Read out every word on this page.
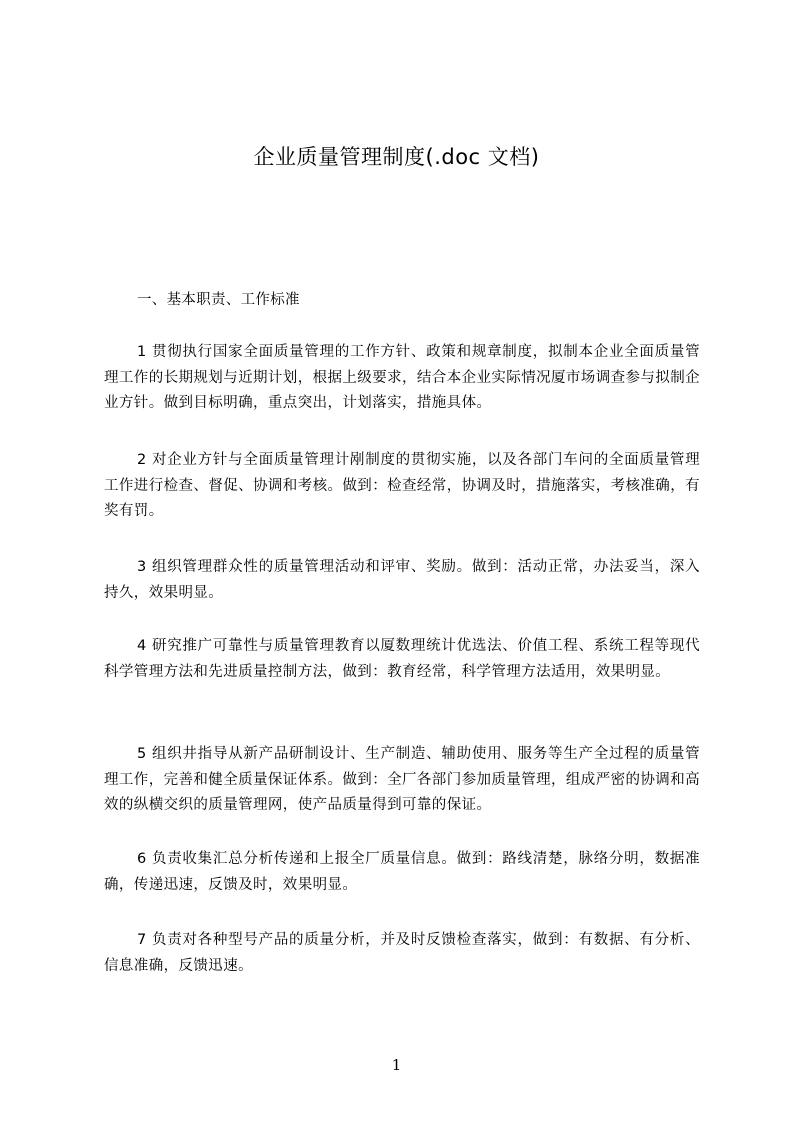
企业质量管理制度(.doc 文档)
一、基本职责、工作标准
1 贯彻执行国家全面质量管理的工作方针、政策和规章制度，拟制本企业全面质量管理工作的长期规划与近期计划，根据上级要求，结合本企业实际情况厦市场调查参与拟制企业方针。做到目标明确，重点突出，计划落实，措施具体。
2 对企业方针与全面质量管理计剐制度的贯彻实施，以及各部门车问的全面质量管理工作进行检查、督促、协调和考核。做到：检查经常，协调及时，措施落实，考核准确，有奖有罚。
3 组织管理群众性的质量管理活动和评审、奖励。做到：活动正常，办法妥当，深入持久，效果明显。
4 研究推广可靠性与质量管理教育以厦数理统计优选法、价值工程、系统工程等现代科学管理方法和先进质量控制方法，做到：教育经常，科学管理方法适用，效果明显。
5 组织井指导从新产品研制设计、生产制造、辅助使用、服务等生产全过程的质量管理工作，完善和健全质量保证体系。做到：全厂各部门参加质量管理，组成严密的协调和高效的纵横交织的质量管理网，使产品质量得到可靠的保证。
6 负责收集汇总分析传递和上报全厂质量信息。做到：路线清楚，脉络分明，数据准确，传递迅速，反馈及时，效果明显。
7 负责对各种型号产品的质量分析，并及时反馈检查落实，做到：有数据、有分析、信息准确，反馈迅速。
1
